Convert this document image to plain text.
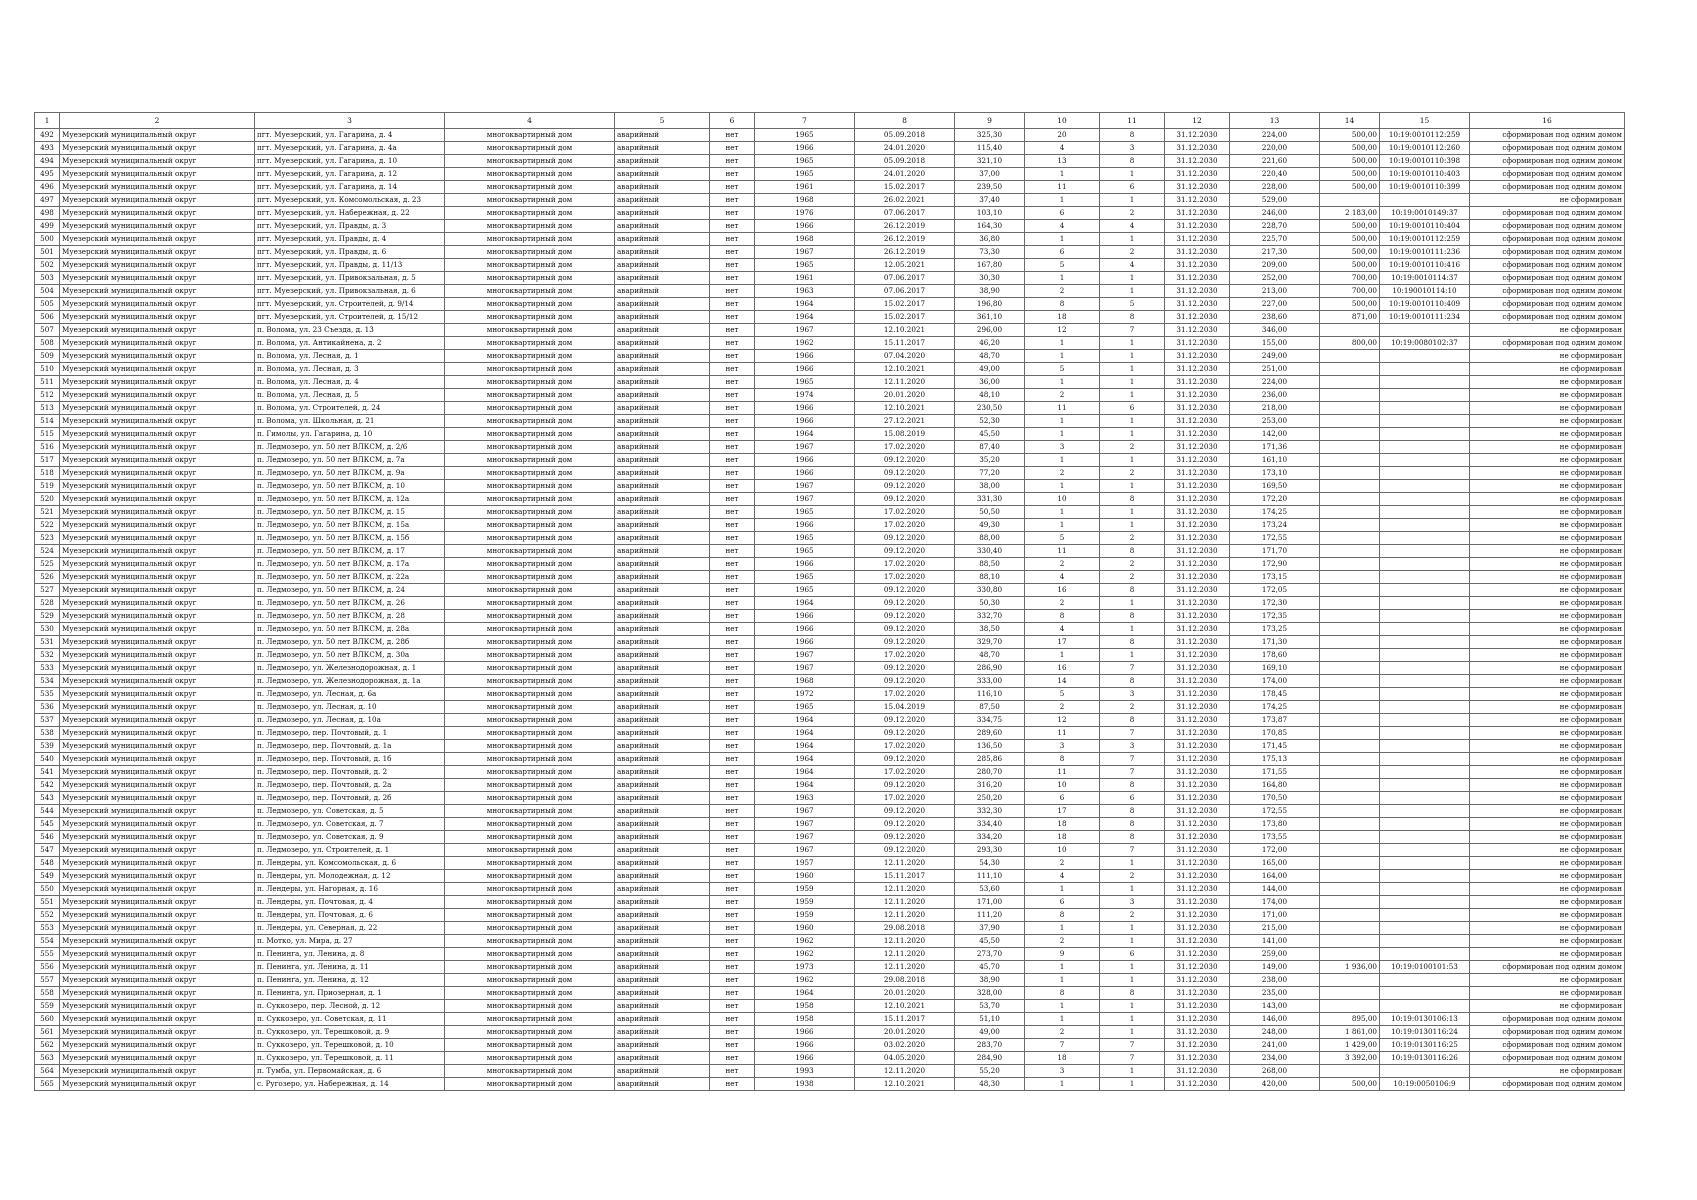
1	2	3	4	5	6	7	8	9	10	11	12	13	14	15	16
492	Муезерский муниципальный округ	пгт. Муезерский, ул. Гагарина, д. 4	многоквартирный дом	аварийный	нет	1965	05.09.2018	325,30	20	8	31.12.2030	224,00	500,00	10:19:0010112:259	сформирован под одним домом
493	Муезерский муниципальный округ	пгт. Муезерский, ул. Гагарина, д. 4а	многоквартирный дом	аварийный	нет	1966	24.01.2020	115,40	4	3	31.12.2030	220,00	500,00	10:19:0010112:260	сформирован под одним домом
494	Муезерский муниципальный округ	пгт. Муезерский, ул. Гагарина, д. 10	многоквартирный дом	аварийный	нет	1965	05.09.2018	321,10	13	8	31.12.2030	221,60	500,00	10:19:0010110:398	сформирован под одним домом
495	Муезерский муниципальный округ	пгт. Муезерский, ул. Гагарина, д. 12	многоквартирный дом	аварийный	нет	1965	24.01.2020	37,00	1	1	31.12.2030	220,40	500,00	10:19:0010110:403	сформирован под одним домом
496	Муезерский муниципальный округ	пгт. Муезерский, ул. Гагарина, д. 14	многоквартирный дом	аварийный	нет	1961	15.02.2017	239,50	11	6	31.12.2030	228,00	500,00	10:19:0010110:399	сформирован под одним домом
497	Муезерский муниципальный округ	пгт. Муезерский, ул. Комсомольская, д. 23	многоквартирный дом	аварийный	нет	1968	26.02.2021	37,40	1	1	31.12.2030	529,00			не сформирован
498	Муезерский муниципальный округ	пгт. Муезерский, ул. Набережная, д. 22	многоквартирный дом	аварийный	нет	1976	07.06.2017	103,10	6	2	31.12.2030	246,00	2 183,00	10:19:0010149:37	сформирован под одним домом
499	Муезерский муниципальный округ	пгт. Муезерский, ул. Правды, д. 3	многоквартирный дом	аварийный	нет	1966	26.12.2019	164,30	4	4	31.12.2030	228,70	500,00	10:19:0010110:404	сформирован под одним домом
500	Муезерский муниципальный округ	пгт. Муезерский, ул. Правды, д. 4	многоквартирный дом	аварийный	нет	1968	26.12.2019	36,80	1	1	31.12.2030	225,70	500,00	10:19:0010112:259	сформирован под одним домом
501	Муезерский муниципальный округ	пгт. Муезерский, ул. Правды, д. 6	многоквартирный дом	аварийный	нет	1967	26.12.2019	73,30	6	2	31.12.2030	217,30	500,00	10:19:0010111:236	сформирован под одним домом
502	Муезерский муниципальный округ	пгт. Муезерский, ул. Правды, д. 11/13	многоквартирный дом	аварийный	нет	1965	12.05.2021	167,80	5	4	31.12.2030	209,00	500,00	10:19:0010110:416	сформирован под одним домом
503	Муезерский муниципальный округ	пгт. Муезерский, ул. Привокзальная, д. 5	многоквартирный дом	аварийный	нет	1961	07.06.2017	30,30	1	1	31.12.2030	252,00	700,00	10:19:0010114:37	сформирован под одним домом
504	Муезерский муниципальный округ	пгт. Муезерский, ул. Привокзальная, д. 6	многоквартирный дом	аварийный	нет	1963	07.06.2017	38,90	2	1	31.12.2030	213,00	700,00	10:190010114:10	сформирован под одним домом
505	Муезерский муниципальный округ	пгт. Муезерский, ул. Строителей, д. 9/14	многоквартирный дом	аварийный	нет	1964	15.02.2017	196,80	8	5	31.12.2030	227,00	500,00	10:19:0010110:409	сформирован под одним домом
506	Муезерский муниципальный округ	пгт. Муезерский, ул. Строителей, д. 15/12	многоквартирный дом	аварийный	нет	1964	15.02.2017	361,10	18	8	31.12.2030	238,60	871,00	10:19:0010111:234	сформирован под одним домом
507	Муезерский муниципальный округ	п. Волома, ул. 23 Съезда, д. 13	многоквартирный дом	аварийный	нет	1967	12.10.2021	296,00	12	7	31.12.2030	346,00			не сформирован
508	Муезерский муниципальный округ	п. Волома, ул. Антикайнена, д. 2	многоквартирный дом	аварийный	нет	1962	15.11.2017	46,20	1	1	31.12.2030	155,00	800,00	10:19:0080102:37	сформирован под одним домом
509	Муезерский муниципальный округ	п. Волома, ул. Лесная, д. 1	многоквартирный дом	аварийный	нет	1966	07.04.2020	48,70	1	1	31.12.2030	249,00			не сформирован
510	Муезерский муниципальный округ	п. Волома, ул. Лесная, д. 3	многоквартирный дом	аварийный	нет	1966	12.10.2021	49,00	5	1	31.12.2030	251,00			не сформирован
511	Муезерский муниципальный округ	п. Волома, ул. Лесная, д. 4	многоквартирный дом	аварийный	нет	1965	12.11.2020	36,00	1	1	31.12.2030	224,00			не сформирован
512	Муезерский муниципальный округ	п. Волома, ул. Лесная, д. 5	многоквартирный дом	аварийный	нет	1974	20.01.2020	48,10	2	1	31.12.2030	236,00			не сформирован
513	Муезерский муниципальный округ	п. Волома, ул. Строителей, д. 24	многоквартирный дом	аварийный	нет	1966	12.10.2021	230,50	11	6	31.12.2030	218,00			не сформирован
514	Муезерский муниципальный округ	п. Волома, ул. Школьная, д. 21	многоквартирный дом	аварийный	нет	1966	27.12.2021	52,30	1	1	31.12.2030	253,00			не сформирован
515	Муезерский муниципальный округ	п. Гимолы, ул. Гагарина, д. 10	многоквартирный дом	аварийный	нет	1964	15.08.2019	45,50	1	1	31.12.2030	142,00			не сформирован
516	Муезерский муниципальный округ	п. Ледмозеро, ул. 50 лет ВЛКСМ, д. 2/6	многоквартирный дом	аварийный	нет	1967	17.02.2020	87,40	3	2	31.12.2030	171,36			не сформирован
517	Муезерский муниципальный округ	п. Ледмозеро, ул. 50 лет ВЛКСМ, д. 7а	многоквартирный дом	аварийный	нет	1966	09.12.2020	35,20	1	1	31.12.2030	161,10			не сформирован
518	Муезерский муниципальный округ	п. Ледмозеро, ул. 50 лет ВЛКСМ, д. 9а	многоквартирный дом	аварийный	нет	1966	09.12.2020	77,20	2	2	31.12.2030	173,10			не сформирован
519	Муезерский муниципальный округ	п. Ледмозеро, ул. 50 лет ВЛКСМ, д. 10	многоквартирный дом	аварийный	нет	1967	09.12.2020	38,00	1	1	31.12.2030	169,50			не сформирован
520	Муезерский муниципальный округ	п. Ледмозеро, ул. 50 лет ВЛКСМ, д. 12а	многоквартирный дом	аварийный	нет	1967	09.12.2020	331,30	10	8	31.12.2030	172,20			не сформирован
521	Муезерский муниципальный округ	п. Ледмозеро, ул. 50 лет ВЛКСМ, д. 15	многоквартирный дом	аварийный	нет	1965	17.02.2020	50,50	1	1	31.12.2030	174,25			не сформирован
522	Муезерский муниципальный округ	п. Ледмозеро, ул. 50 лет ВЛКСМ, д. 15а	многоквартирный дом	аварийный	нет	1966	17.02.2020	49,30	1	1	31.12.2030	173,24			не сформирован
523	Муезерский муниципальный округ	п. Ледмозеро, ул. 50 лет ВЛКСМ, д. 15б	многоквартирный дом	аварийный	нет	1965	09.12.2020	88,00	5	2	31.12.2030	172,55			не сформирован
524	Муезерский муниципальный округ	п. Ледмозеро, ул. 50 лет ВЛКСМ, д. 17	многоквартирный дом	аварийный	нет	1965	09.12.2020	330,40	11	8	31.12.2030	171,70			не сформирован
525	Муезерский муниципальный округ	п. Ледмозеро, ул. 50 лет ВЛКСМ, д. 17а	многоквартирный дом	аварийный	нет	1966	17.02.2020	88,50	2	2	31.12.2030	172,90			не сформирован
526	Муезерский муниципальный округ	п. Ледмозеро, ул. 50 лет ВЛКСМ, д. 22а	многоквартирный дом	аварийный	нет	1965	17.02.2020	88,10	4	2	31.12.2030	173,15			не сформирован
527	Муезерский муниципальный округ	п. Ледмозеро, ул. 50 лет ВЛКСМ, д. 24	многоквартирный дом	аварийный	нет	1965	09.12.2020	330,80	16	8	31.12.2030	172,05			не сформирован
528	Муезерский муниципальный округ	п. Ледмозеро, ул. 50 лет ВЛКСМ, д. 26	многоквартирный дом	аварийный	нет	1964	09.12.2020	50,30	2	1	31.12.2030	172,30			не сформирован
529	Муезерский муниципальный округ	п. Ледмозеро, ул. 50 лет ВЛКСМ, д. 28	многоквартирный дом	аварийный	нет	1966	09.12.2020	332,70	8	8	31.12.2030	172,35			не сформирован
530	Муезерский муниципальный округ	п. Ледмозеро, ул. 50 лет ВЛКСМ, д. 28а	многоквартирный дом	аварийный	нет	1966	09.12.2020	38,50	4	1	31.12.2030	173,25			не сформирован
531	Муезерский муниципальный округ	п. Ледмозеро, ул. 50 лет ВЛКСМ, д. 28б	многоквартирный дом	аварийный	нет	1966	09.12.2020	329,70	17	8	31.12.2030	171,30			не сформирован
532	Муезерский муниципальный округ	п. Ледмозеро, ул. 50 лет ВЛКСМ, д. 30а	многоквартирный дом	аварийный	нет	1967	17.02.2020	48,70	1	1	31.12.2030	178,60			не сформирован
533	Муезерский муниципальный округ	п. Ледмозеро, ул. Железнодорожная, д. 1	многоквартирный дом	аварийный	нет	1967	09.12.2020	286,90	16	7	31.12.2030	169,10			не сформирован
534	Муезерский муниципальный округ	п. Ледмозеро, ул. Железнодорожная, д. 1а	многоквартирный дом	аварийный	нет	1968	09.12.2020	333,00	14	8	31.12.2030	174,00			не сформирован
535	Муезерский муниципальный округ	п. Ледмозеро, ул. Лесная, д. 6а	многоквартирный дом	аварийный	нет	1972	17.02.2020	116,10	5	3	31.12.2030	178,45			не сформирован
536	Муезерский муниципальный округ	п. Ледмозеро, ул. Лесная, д. 10	многоквартирный дом	аварийный	нет	1965	15.04.2019	87,50	2	2	31.12.2030	174,25			не сформирован
537	Муезерский муниципальный округ	п. Ледмозеро, ул. Лесная, д. 10а	многоквартирный дом	аварийный	нет	1964	09.12.2020	334,75	12	8	31.12.2030	173,87			не сформирован
538	Муезерский муниципальный округ	п. Ледмозеро, пер. Почтовый, д. 1	многоквартирный дом	аварийный	нет	1964	09.12.2020	289,60	11	7	31.12.2030	170,85			не сформирован
539	Муезерский муниципальный округ	п. Ледмозеро, пер. Почтовый, д. 1а	многоквартирный дом	аварийный	нет	1964	17.02.2020	136,50	3	3	31.12.2030	171,45			не сформирован
540	Муезерский муниципальный округ	п. Ледмозеро, пер. Почтовый, д. 1б	многоквартирный дом	аварийный	нет	1964	09.12.2020	285,86	8	7	31.12.2030	175,13			не сформирован
541	Муезерский муниципальный округ	п. Ледмозеро, пер. Почтовый, д. 2	многоквартирный дом	аварийный	нет	1964	17.02.2020	280,70	11	7	31.12.2030	171,55			не сформирован
542	Муезерский муниципальный округ	п. Ледмозеро, пер. Почтовый, д. 2а	многоквартирный дом	аварийный	нет	1964	09.12.2020	316,20	10	8	31.12.2030	164,80			не сформирован
543	Муезерский муниципальный округ	п. Ледмозеро, пер. Почтовый, д. 2б	многоквартирный дом	аварийный	нет	1963	17.02.2020	250,20	6	6	31.12.2030	170,50			не сформирован
544	Муезерский муниципальный округ	п. Ледмозеро, ул. Советская, д. 5	многоквартирный дом	аварийный	нет	1967	09.12.2020	332,30	17	8	31.12.2030	172,55			не сформирован
545	Муезерский муниципальный округ	п. Ледмозеро, ул. Советская, д. 7	многоквартирный дом	аварийный	нет	1967	09.12.2020	334,40	18	8	31.12.2030	173,80			не сформирован
546	Муезерский муниципальный округ	п. Ледмозеро, ул. Советская, д. 9	многоквартирный дом	аварийный	нет	1967	09.12.2020	334,20	18	8	31.12.2030	173,55			не сформирован
547	Муезерский муниципальный округ	п. Ледмозеро, ул. Строителей, д. 1	многоквартирный дом	аварийный	нет	1967	09.12.2020	293,30	10	7	31.12.2030	172,00			не сформирован
548	Муезерский муниципальный округ	п. Лендеры, ул. Комсомольская, д. 6	многоквартирный дом	аварийный	нет	1957	12.11.2020	54,30	2	1	31.12.2030	165,00			не сформирован
549	Муезерский муниципальный округ	п. Лендеры, ул. Молодежная, д. 12	многоквартирный дом	аварийный	нет	1960	15.11.2017	111,10	4	2	31.12.2030	164,00			не сформирован
550	Муезерский муниципальный округ	п. Лендеры, ул. Нагорная, д. 16	многоквартирный дом	аварийный	нет	1959	12.11.2020	53,60	1	1	31.12.2030	144,00			не сформирован
551	Муезерский муниципальный округ	п. Лендеры, ул. Почтовая, д. 4	многоквартирный дом	аварийный	нет	1959	12.11.2020	171,00	6	3	31.12.2030	174,00			не сформирован
552	Муезерский муниципальный округ	п. Лендеры, ул. Почтовая, д. 6	многоквартирный дом	аварийный	нет	1959	12.11.2020	111,20	8	2	31.12.2030	171,00			не сформирован
553	Муезерский муниципальный округ	п. Лендеры, ул. Северная, д. 22	многоквартирный дом	аварийный	нет	1960	29.08.2018	37,90	1	1	31.12.2030	215,00			не сформирован
554	Муезерский муниципальный округ	п. Мотко, ул. Мира, д. 27	многоквартирный дом	аварийный	нет	1962	12.11.2020	45,50	2	1	31.12.2030	141,00			не сформирован
555	Муезерский муниципальный округ	п. Пенинга, ул. Ленина, д. 8	многоквартирный дом	аварийный	нет	1962	12.11.2020	273,70	9	6	31.12.2030	259,00			не сформирован
556	Муезерский муниципальный округ	п. Пенинга, ул. Ленина, д. 11	многоквартирный дом	аварийный	нет	1973	12.11.2020	45,70	1	1	31.12.2030	149,00	1 936,00	10:19:0100101:53	сформирован под одним домом
557	Муезерский муниципальный округ	п. Пенинга, ул. Ленина, д. 12	многоквартирный дом	аварийный	нет	1962	29.08.2018	38,90	1	1	31.12.2030	238,00			не сформирован
558	Муезерский муниципальный округ	п. Пенинга, ул. Приозерная, д. 1	многоквартирный дом	аварийный	нет	1964	20.01.2020	328,00	8	8	31.12.2030	235,00			не сформирован
559	Муезерский муниципальный округ	п. Суккозеро, пер. Лесной, д. 12	многоквартирный дом	аварийный	нет	1958	12.10.2021	53,70	1	1	31.12.2030	143,00			не сформирован
560	Муезерский муниципальный округ	п. Суккозеро, ул. Советская, д. 11	многоквартирный дом	аварийный	нет	1958	15.11.2017	51,10	1	1	31.12.2030	146,00	895,00	10:19:0130106:13	сформирован под одним домом
561	Муезерский муниципальный округ	п. Суккозеро, ул. Терешковой, д. 9	многоквартирный дом	аварийный	нет	1966	20.01.2020	49,00	2	1	31.12.2030	248,00	1 861,00	10:19:0130116:24	сформирован под одним домом
562	Муезерский муниципальный округ	п. Суккозеро, ул. Терешковой, д. 10	многоквартирный дом	аварийный	нет	1966	03.02.2020	283,70	7	7	31.12.2030	241,00	1 429,00	10:19:0130116:25	сформирован под одним домом
563	Муезерский муниципальный округ	п. Суккозеро, ул. Терешковой, д. 11	многоквартирный дом	аварийный	нет	1966	04.05.2020	284,90	18	7	31.12.2030	234,00	3 392,00	10:19:0130116:26	сформирован под одним домом
564	Муезерский муниципальный округ	п. Тумба, ул. Первомайская, д. 6	многоквартирный дом	аварийный	нет	1993	12.11.2020	55,20	3	1	31.12.2030	268,00			не сформирован
565	Муезерский муниципальный округ	с. Ругозеро, ул. Набережная, д. 14	многоквартирный дом	аварийный	нет	1938	12.10.2021	48,30	1	1	31.12.2030	420,00	500,00	10:19:0050106:9	сформирован под одним домом
